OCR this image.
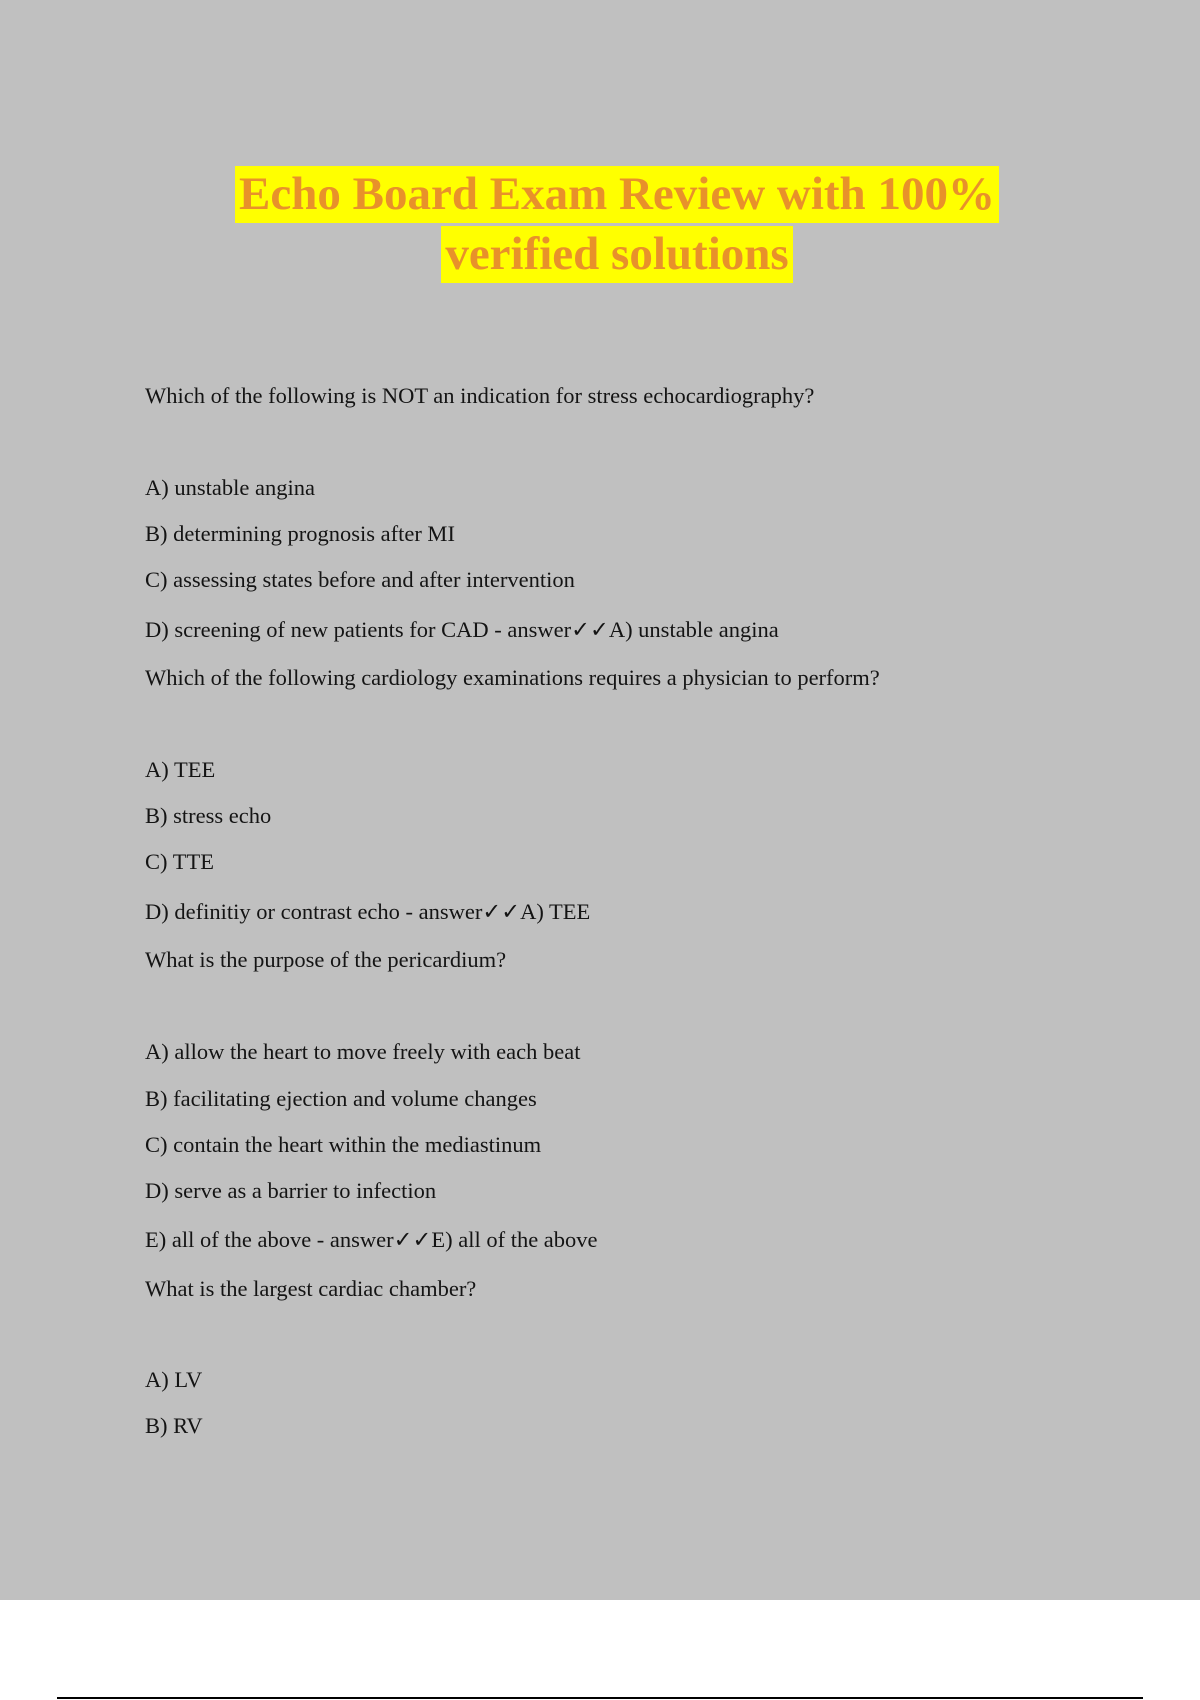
Echo Board Exam Review with 100%
verified solutions
Which of the following is NOT an indication for stress echocardiography?
A) unstable angina
B) determining prognosis after MI
C) assessing states before and after intervention
D) screening of new patients for CAD - answer✓✓A) unstable angina
Which of the following cardiology examinations requires a physician to perform?
A) TEE
B) stress echo
C) TTE
D) definitiy or contrast echo - answer✓✓A) TEE
What is the purpose of the pericardium?
A) allow the heart to move freely with each beat
B) facilitating ejection and volume changes
C) contain the heart within the mediastinum
D) serve as a barrier to infection
E) all of the above - answer✓✓E) all of the above
What is the largest cardiac chamber?
A) LV
B) RV
